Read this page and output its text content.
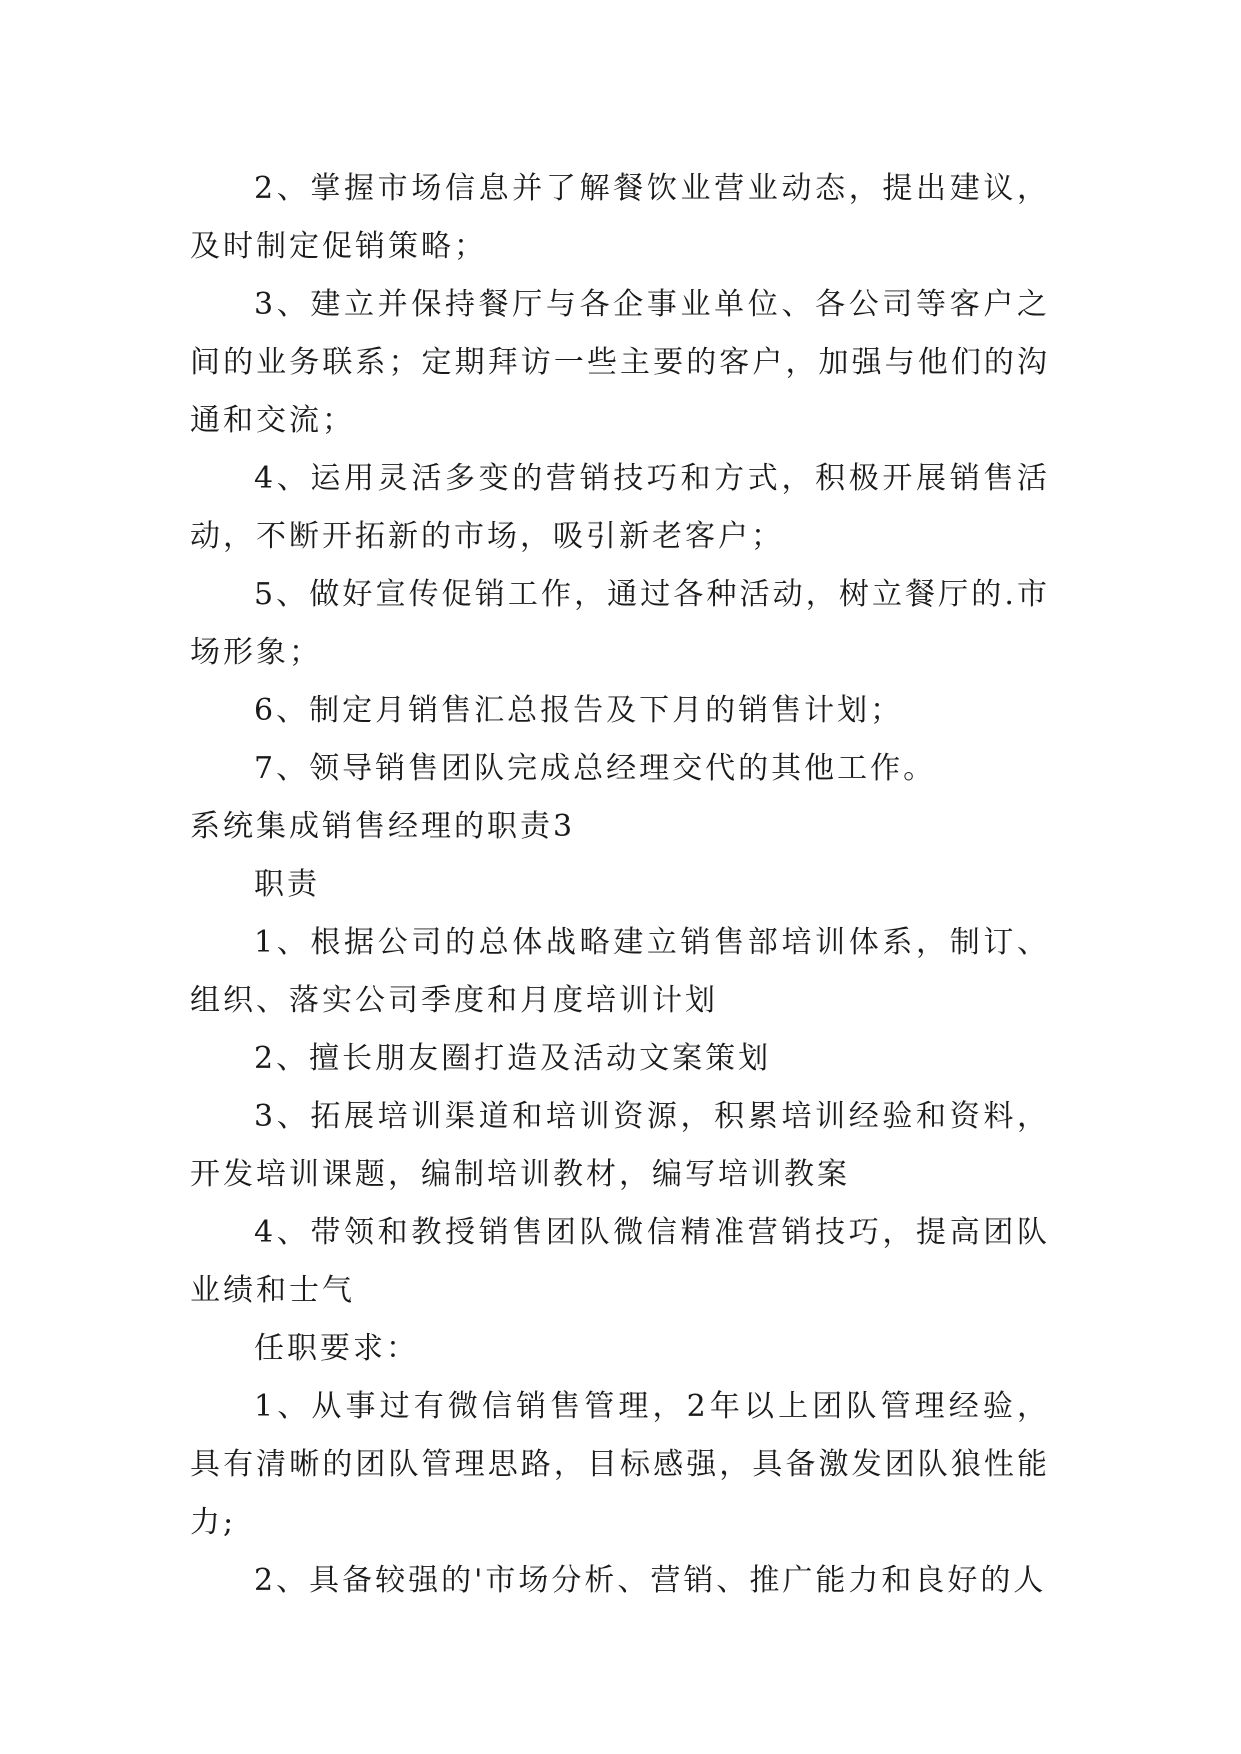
2、掌握市场信息并了解餐饮业营业动态，提出建议，及时制定促销策略；

3、建立并保持餐厅与各企事业单位、各公司等客户之间的业务联系；定期拜访一些主要的客户，加强与他们的沟通和交流；

4、运用灵活多变的营销技巧和方式，积极开展销售活动，不断开拓新的市场，吸引新老客户；

5、做好宣传促销工作，通过各种活动，树立餐厅的.市场形象；

6、制定月销售汇总报告及下月的销售计划；

7、领导销售团队完成总经理交代的其他工作。

系统集成销售经理的职责3

职责

1、根据公司的总体战略建立销售部培训体系，制订、组织、落实公司季度和月度培训计划

2、擅长朋友圈打造及活动文案策划

3、拓展培训渠道和培训资源，积累培训经验和资料，开发培训课题，编制培训教材，编写培训教案

4、带领和教授销售团队微信精准营销技巧，提高团队业绩和士气

任职要求：

1、从事过有微信销售管理，2年以上团队管理经验，具有清晰的团队管理思路，目标感强，具备激发团队狼性能力;

2、具备较强的'市场分析、营销、推广能力和良好的人
